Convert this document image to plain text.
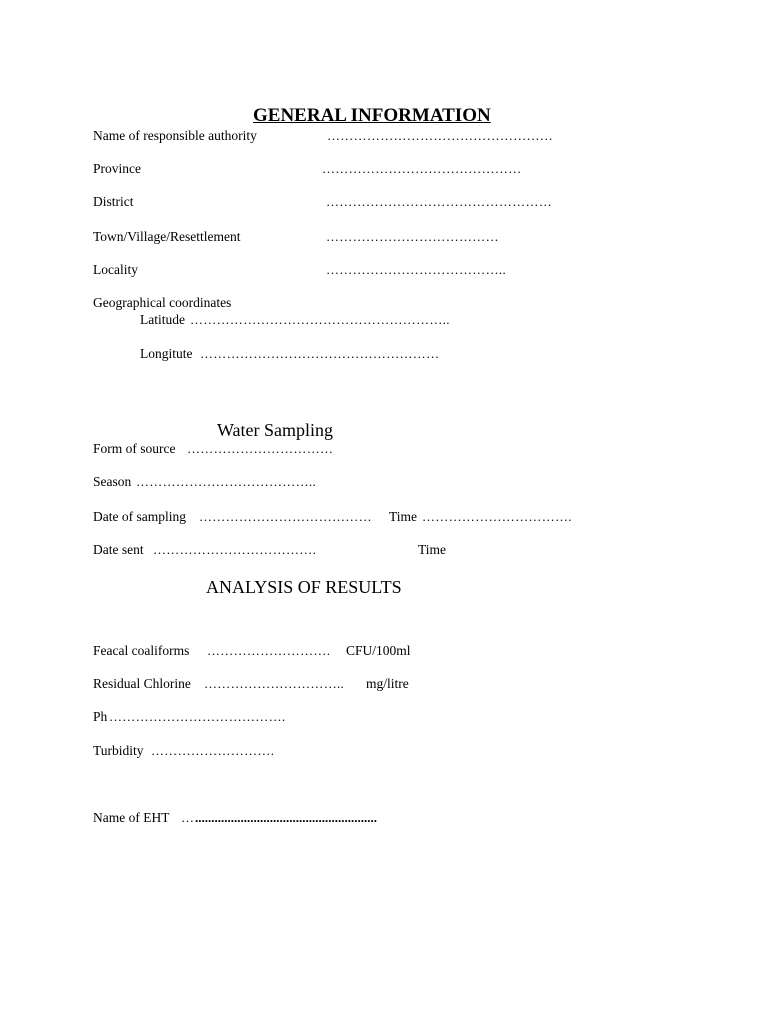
GENERAL INFORMATION
Name of responsible authority	……………………………………………
Province	………………………………………
District	……………………………………………
Town/Village/Resettlement	…………………………………
Locality	…………………………………..
Geographical coordinates
Latitude …………………………………………………..
Longitute ………………………………………………
Water Sampling
Form of source ……………………………
Season …………………………………..
Date of sampling ………………………………… Time …………………………….
Date sent ……………………………….	Time
ANALYSIS OF RESULTS
Feacal coaliforms ………………………. CFU/100ml
Residual Chlorine ………………………….. mg/litre
Ph ………………………………….
Turbidity ……………………….
Name of EHT … ........................................................
